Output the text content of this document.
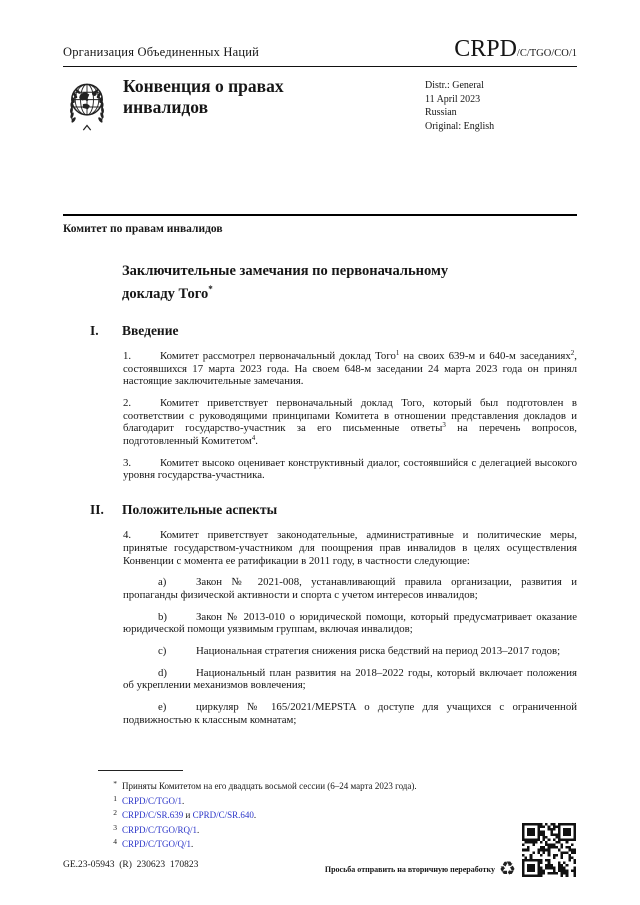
Организация Объединенных Наций	CRPD/C/TGO/CO/1
Конвенция о правах
инвалидов
Distr.: General
11 April 2023
Russian
Original: English
Комитет по правам инвалидов
Заключительные замечания по первоначальному докладу Того*
I. Введение
1.	Комитет рассмотрел первоначальный доклад Того$^1$ на своих 639-м и 640-м заседаниях$^2$, состоявшихся 17 марта 2023 года. На своем 648-м заседании 24 марта 2023 года он принял настоящие заключительные замечания.
2.	Комитет приветствует первоначальный доклад Того, который был подготовлен в соответствии с руководящими принципами Комитета в отношении представления докладов и благодарит государство-участник за его письменные ответы$^3$ на перечень вопросов, подготовленный Комитетом$^4$.
3.	Комитет высоко оценивает конструктивный диалог, состоявшийся с делегацией высокого уровня государства-участника.
II. Положительные аспекты
4.	Комитет приветствует законодательные, административные и политические меры, принятые государством-участником для поощрения прав инвалидов в целях осуществления Конвенции с момента ее ратификации в 2011 году, в частности следующие:
a)	Закон № 2021-008, устанавливающий правила организации, развития и пропаганды физической активности и спорта с учетом интересов инвалидов;
b)	Закон № 2013-010 о юридической помощи, который предусматривает оказание юридической помощи уязвимым группам, включая инвалидов;
c)	Национальная стратегия снижения риска бедствий на период 2013–2017 годов;
d)	Национальный план развития на 2018–2022 годы, который включает положения об укреплении механизмов вовлечения;
e)	циркуляр № 165/2021/MEPSTA о доступе для учащихся с ограниченной подвижностью к классным комнатам;
* Приняты Комитетом на его двадцать восьмой сессии (6–24 марта 2023 года).
1 CRPD/C/TGO/1.
2 CRPD/C/SR.639 и CPRD/C/SR.640.
3 CRPD/C/TGO/RQ/1.
4 CRPD/C/TGO/Q/1.
GE.23-05943  (R)  230623  170823	Просьба отправить на вторичную переработку ♻
